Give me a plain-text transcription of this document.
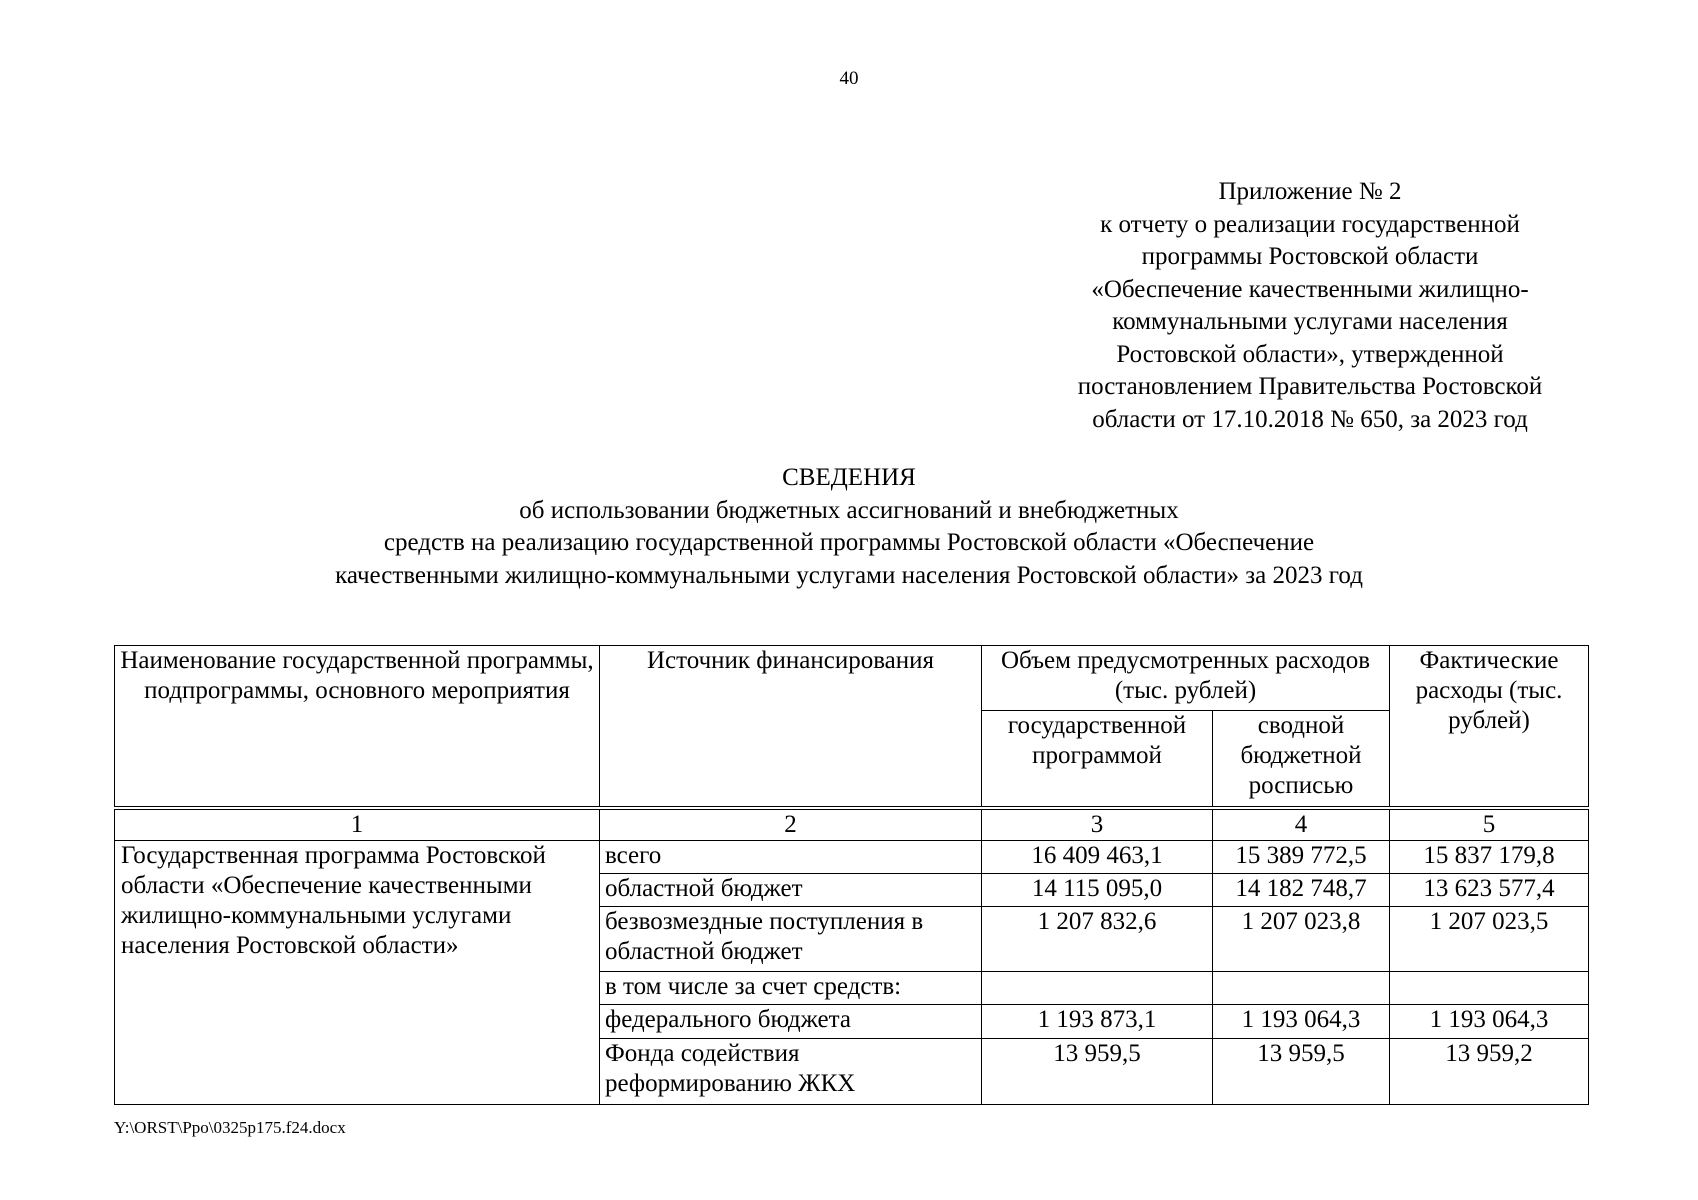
40
Приложение № 2
к отчету о реализации государственной
программы Ростовской области
«Обеспечение качественными жилищно-
коммунальными услугами населения
Ростовской области», утвержденной
постановлением Правительства Ростовской
области от 17.10.2018 № 650, за 2023 год
СВЕДЕНИЯ
об использовании бюджетных ассигнований и внебюджетных
средств на реализацию государственной программы Ростовской области «Обеспечение
качественными жилищно-коммунальными услугами населения Ростовской области» за 2023 год
Наименование государственной программы, подпрограммы, основного мероприятия	Источник финансирования	Объем предусмотренных расходов (тыс. рублей)		Фактические расходы (тыс. рублей)
		государственной программой	сводной бюджетной росписью	
1	2	3	4	5
Государственная программа Ростовской области «Обеспечение качественными жилищно-коммунальными услугами населения Ростовской области»	всего	16 409 463,1	15 389 772,5	15 837 179,8
	областной бюджет	14 115 095,0	14 182 748,7	13 623 577,4
	безвозмездные поступления в областной бюджет	1 207 832,6	1 207 023,8	1 207 023,5
	в том числе за счет средств:			
	федерального бюджета	1 193 873,1	1 193 064,3	1 193 064,3
	Фонда содействия реформированию ЖКХ	13 959,5	13 959,5	13 959,2
Y:\ORST\Ppo\0325p175.f24.docx
